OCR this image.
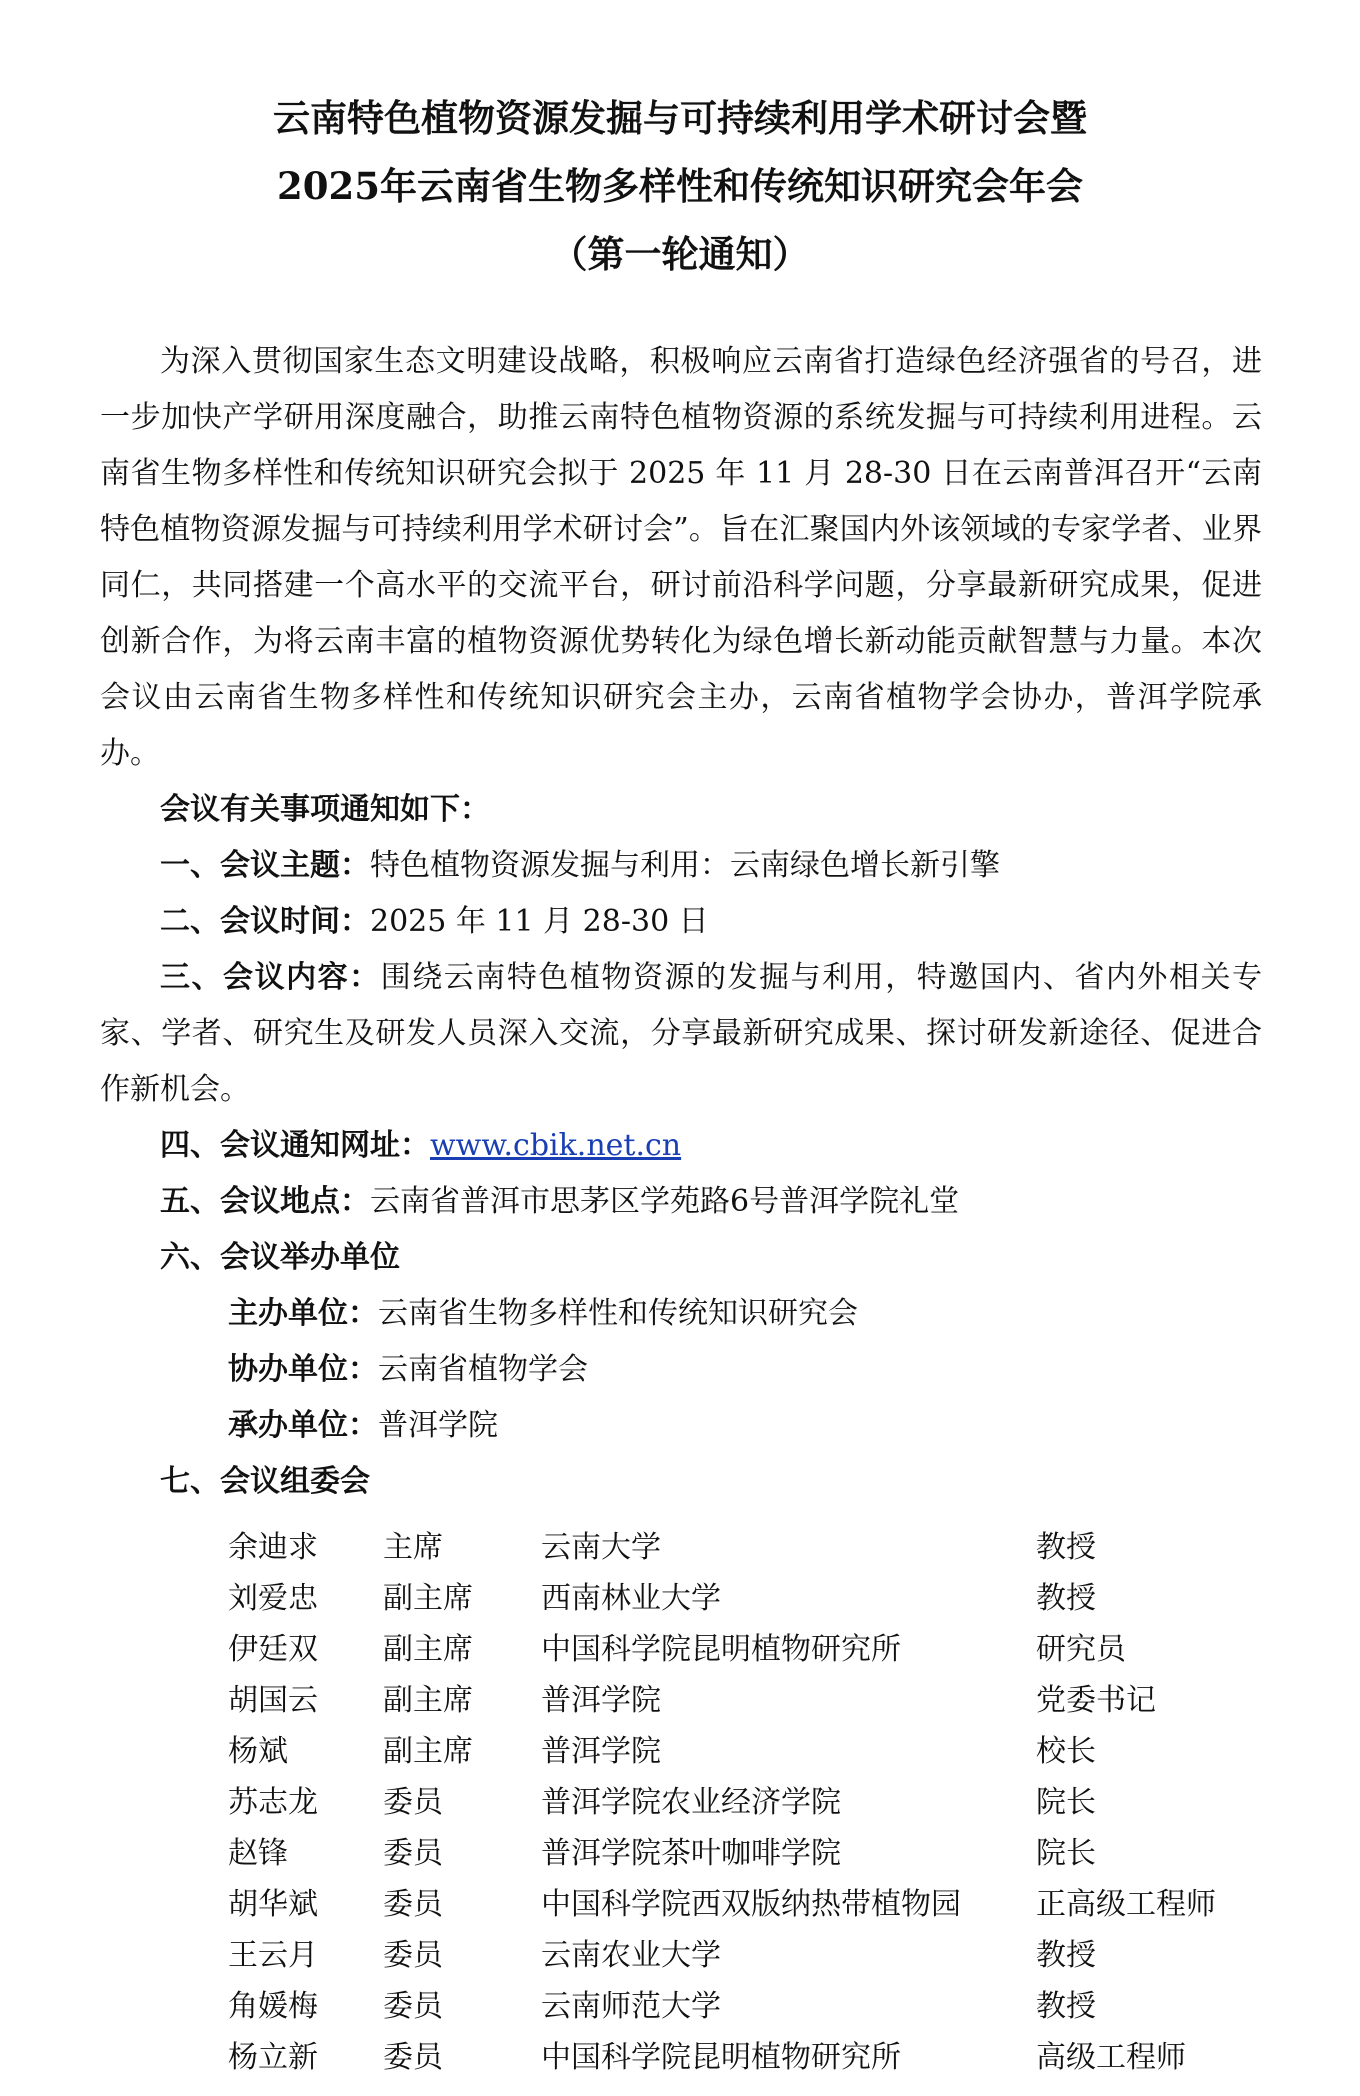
云南特色植物资源发掘与可持续利用学术研讨会暨
2025年云南省生物多样性和传统知识研究会年会
（第一轮通知）

为深入贯彻国家生态文明建设战略，积极响应云南省打造绿色经济强省的号召，进一步加快产学研用深度融合，助推云南特色植物资源的系统发掘与可持续利用进程。云南省生物多样性和传统知识研究会拟于 2025 年 11 月 28-30 日在云南普洱召开“云南特色植物资源发掘与可持续利用学术研讨会”。旨在汇聚国内外该领域的专家学者、业界同仁，共同搭建一个高水平的交流平台，研讨前沿科学问题，分享最新研究成果，促进创新合作，为将云南丰富的植物资源优势转化为绿色增长新动能贡献智慧与力量。本次会议由云南省生物多样性和传统知识研究会主办，云南省植物学会协办，普洱学院承办。

会议有关事项通知如下：
一、会议主题：特色植物资源发掘与利用：云南绿色增长新引擎
二、会议时间：2025 年 11 月 28-30 日
三、会议内容：围绕云南特色植物资源的发掘与利用，特邀国内、省内外相关专家、学者、研究生及研发人员深入交流，分享最新研究成果、探讨研发新途径、促进合作新机会。
四、会议通知网址：www.cbik.net.cn
五、会议地点：云南省普洱市思茅区学苑路6号普洱学院礼堂
六、会议举办单位
主办单位：云南省生物多样性和传统知识研究会
协办单位：云南省植物学会
承办单位：普洱学院
七、会议组委会
余迪求	主席	云南大学	教授
刘爱忠	副主席	西南林业大学	教授
伊廷双	副主席	中国科学院昆明植物研究所	研究员
胡国云	副主席	普洱学院	党委书记
杨斌	副主席	普洱学院	校长
苏志龙	委员	普洱学院农业经济学院	院长
赵锋	委员	普洱学院茶叶咖啡学院	院长
胡华斌	委员	中国科学院西双版纳热带植物园	正高级工程师
王云月	委员	云南农业大学	教授
角媛梅	委员	云南师范大学	教授
杨立新	委员	中国科学院昆明植物研究所	高级工程师
